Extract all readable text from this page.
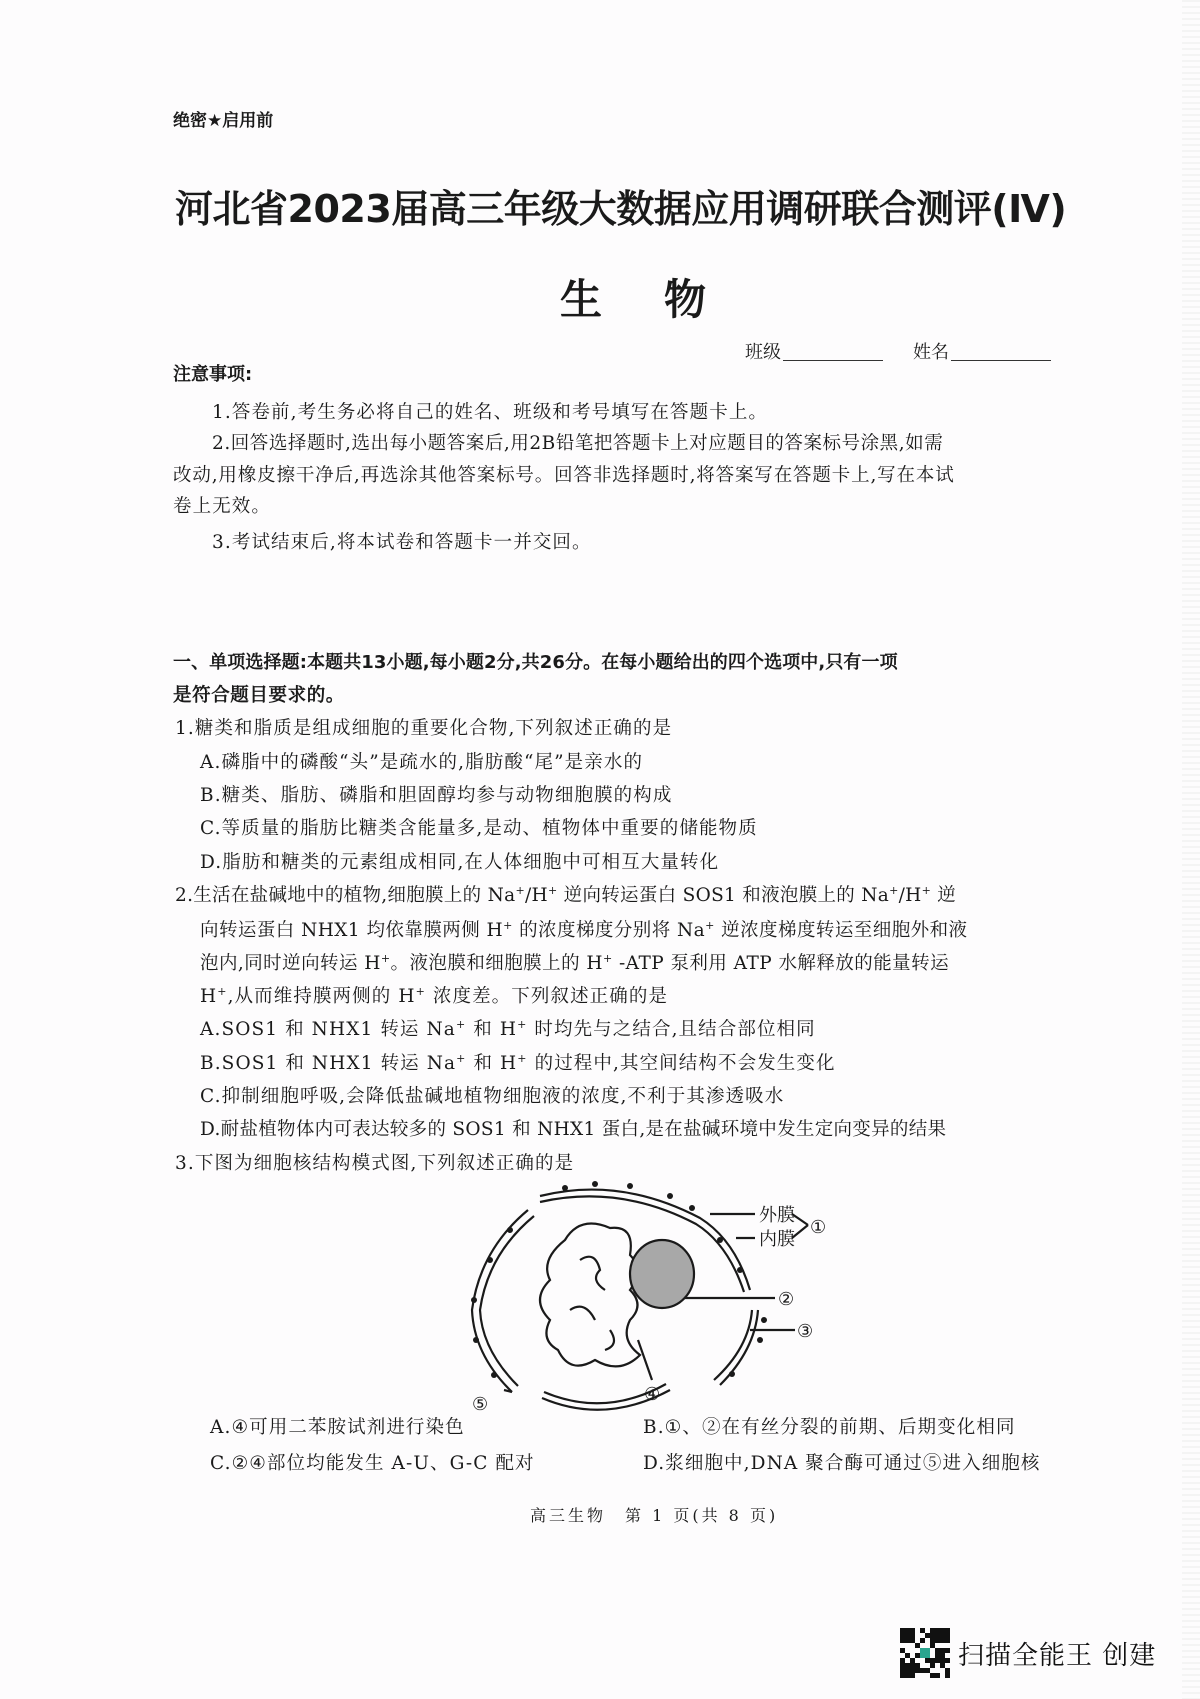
绝密★启用前
河北省2023届高三年级大数据应用调研联合测评(Ⅳ)
生 物
班级	姓名
注意事项:
1.答卷前,考生务必将自己的姓名、班级和考号填写在答题卡上。
2.回答选择题时,选出每小题答案后,用2B铅笔把答题卡上对应题目的答案标号涂黑,如需
改动,用橡皮擦干净后,再选涂其他答案标号。回答非选择题时,将答案写在答题卡上,写在本试
卷上无效。
3.考试结束后,将本试卷和答题卡一并交回。
一、单项选择题:本题共13小题,每小题2分,共26分。在每小题给出的四个选项中,只有一项
是符合题目要求的。
1.糖类和脂质是组成细胞的重要化合物,下列叙述正确的是
A.磷脂中的磷酸“头”是疏水的,脂肪酸“尾”是亲水的
B.糖类、脂肪、磷脂和胆固醇均参与动物细胞膜的构成
C.等质量的脂肪比糖类含能量多,是动、植物体中重要的储能物质
D.脂肪和糖类的元素组成相同,在人体细胞中可相互大量转化
2.生活在盐碱地中的植物,细胞膜上的 Na+/H+ 逆向转运蛋白 SOS1 和液泡膜上的 Na+/H+ 逆
向转运蛋白 NHX1 均依靠膜两侧 H+ 的浓度梯度分别将 Na+ 逆浓度梯度转运至细胞外和液
泡内,同时逆向转运 H+。液泡膜和细胞膜上的 H+ -ATP 泵利用 ATP 水解释放的能量转运
H+,从而维持膜两侧的 H+ 浓度差。下列叙述正确的是
A.SOS1 和 NHX1 转运 Na+ 和 H+ 时均先与之结合,且结合部位相同
B.SOS1 和 NHX1 转运 Na+ 和 H+ 的过程中,其空间结构不会发生变化
C.抑制细胞呼吸,会降低盐碱地植物细胞液的浓度,不利于其渗透吸水
D.耐盐植物体内可表达较多的 SOS1 和 NHX1 蛋白,是在盐碱环境中发生定向变异的结果
3.下图为细胞核结构模式图,下列叙述正确的是
外膜
内膜
①
②
③
④
⑤
A.④可用二苯胺试剂进行染色	B.①、②在有丝分裂的前期、后期变化相同
C.②④部位均能发生 A-U、G-C 配对	D.浆细胞中,DNA 聚合酶可通过⑤进入细胞核
高三生物　第 1 页(共 8 页)
扫描全能王 创建
